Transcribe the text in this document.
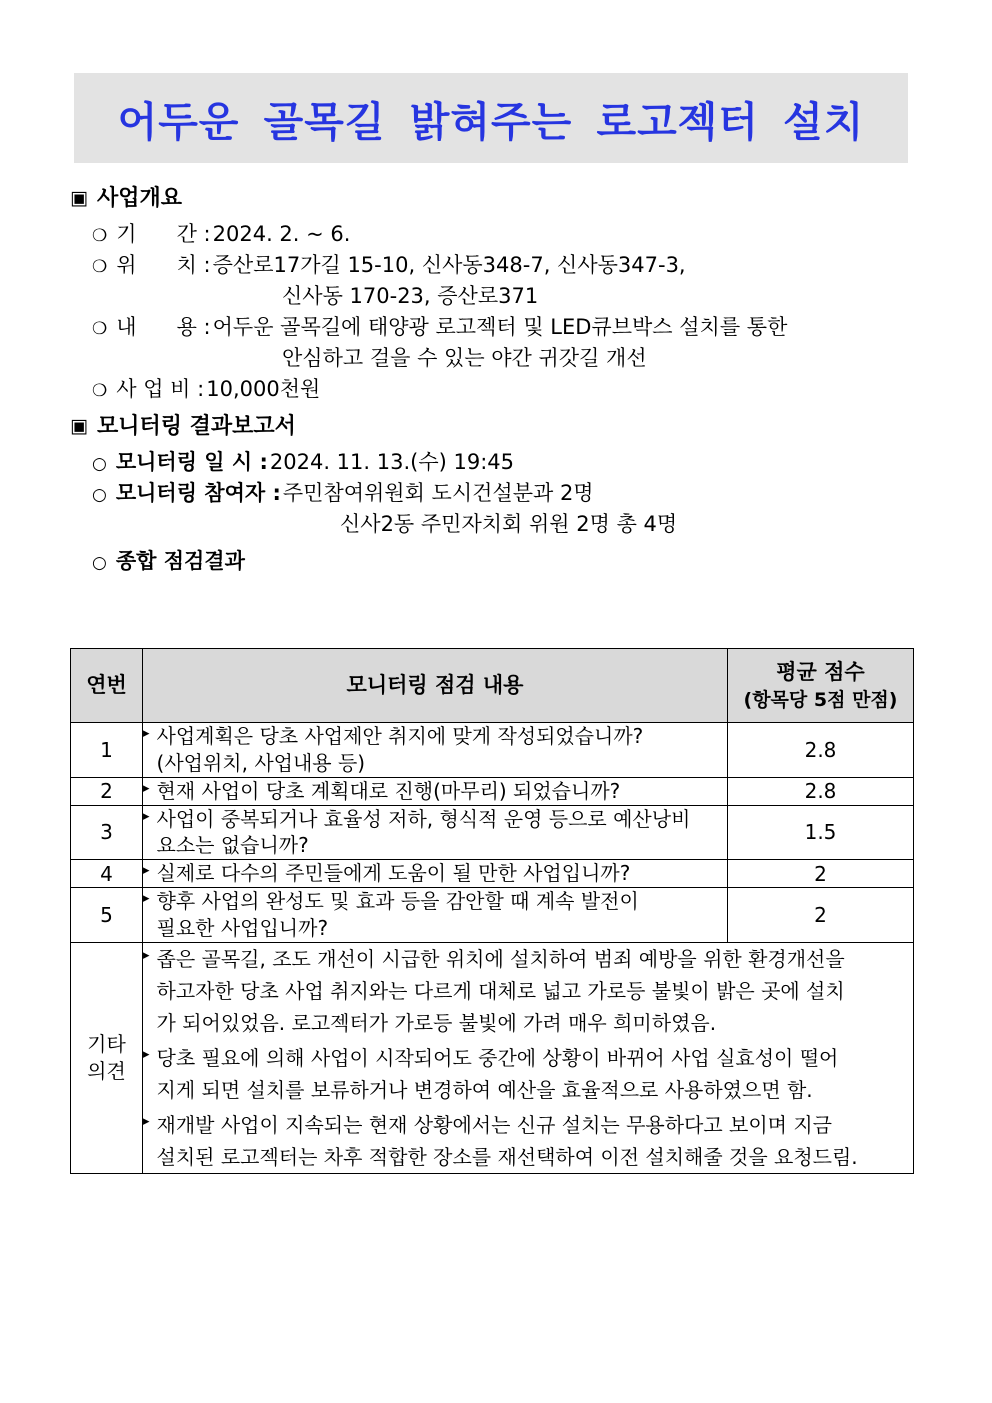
어두운 골목길 밝혀주는 로고젝터 설치
▣ 사업개요
❍ 기      간 : 2024. 2. ~ 6.
❍ 위      치 : 증산로17가길 15-10, 신사동348-7, 신사동347-3,
신사동 170-23, 증산로371
❍ 내      용 : 어두운 골목길에 태양광 로고젝터 및 LED큐브박스 설치를 통한
안심하고 걸을 수 있는 야간 귀갓길 개선
❍ 사 업 비 : 10,000천원
▣ 모니터링 결과보고서
○ 모니터링 일 시 : 2024. 11. 13.(수) 19:45
○ 모니터링 참여자 : 주민참여위원회 도시건설분과 2명
신사2동 주민자치회 위원 2명 총 4명
○ 종합 점검결과
연번	모니터링 점검 내용	평균 점수
(항목당 5점 만점)

1	▸ 사업계획은 당초 사업제안 취지에 맞게 작성되었습니까?
(사업위치, 사업내용 등)	2.8
2	▸ 현재 사업이 당초 계획대로 진행(마무리) 되었습니까?	2.8
3	▸ 사업이 중복되거나 효율성 저하, 형식적 운영 등으로 예산낭비
요소는 없습니까?	1.5
4	▸ 실제로 다수의 주민들에게 도움이 될 만한 사업입니까?	2
5	▸ 향후 사업의 완성도 및 효과 등을 감안할 때 계속 발전이
필요한 사업입니까?	2
기타
의견	
▸ 좁은 골목길, 조도 개선이 시급한 위치에 설치하여 범죄 예방을 위한 환경개선을
하고자한 당초 사업 취지와는 다르게 대체로 넓고 가로등 불빛이 밝은 곳에 설치
가 되어있었음. 로고젝터가 가로등 불빛에 가려 매우 희미하였음.
▸ 당초 필요에 의해 사업이 시작되어도 중간에 상황이 바뀌어 사업 실효성이 떨어
지게 되면 설치를 보류하거나 변경하여 예산을 효율적으로 사용하였으면 함.
▸ 재개발 사업이 지속되는 현재 상황에서는 신규 설치는 무용하다고 보이며 지금
설치된 로고젝터는 차후 적합한 장소를 재선택하여 이전 설치해줄 것을 요청드림.
